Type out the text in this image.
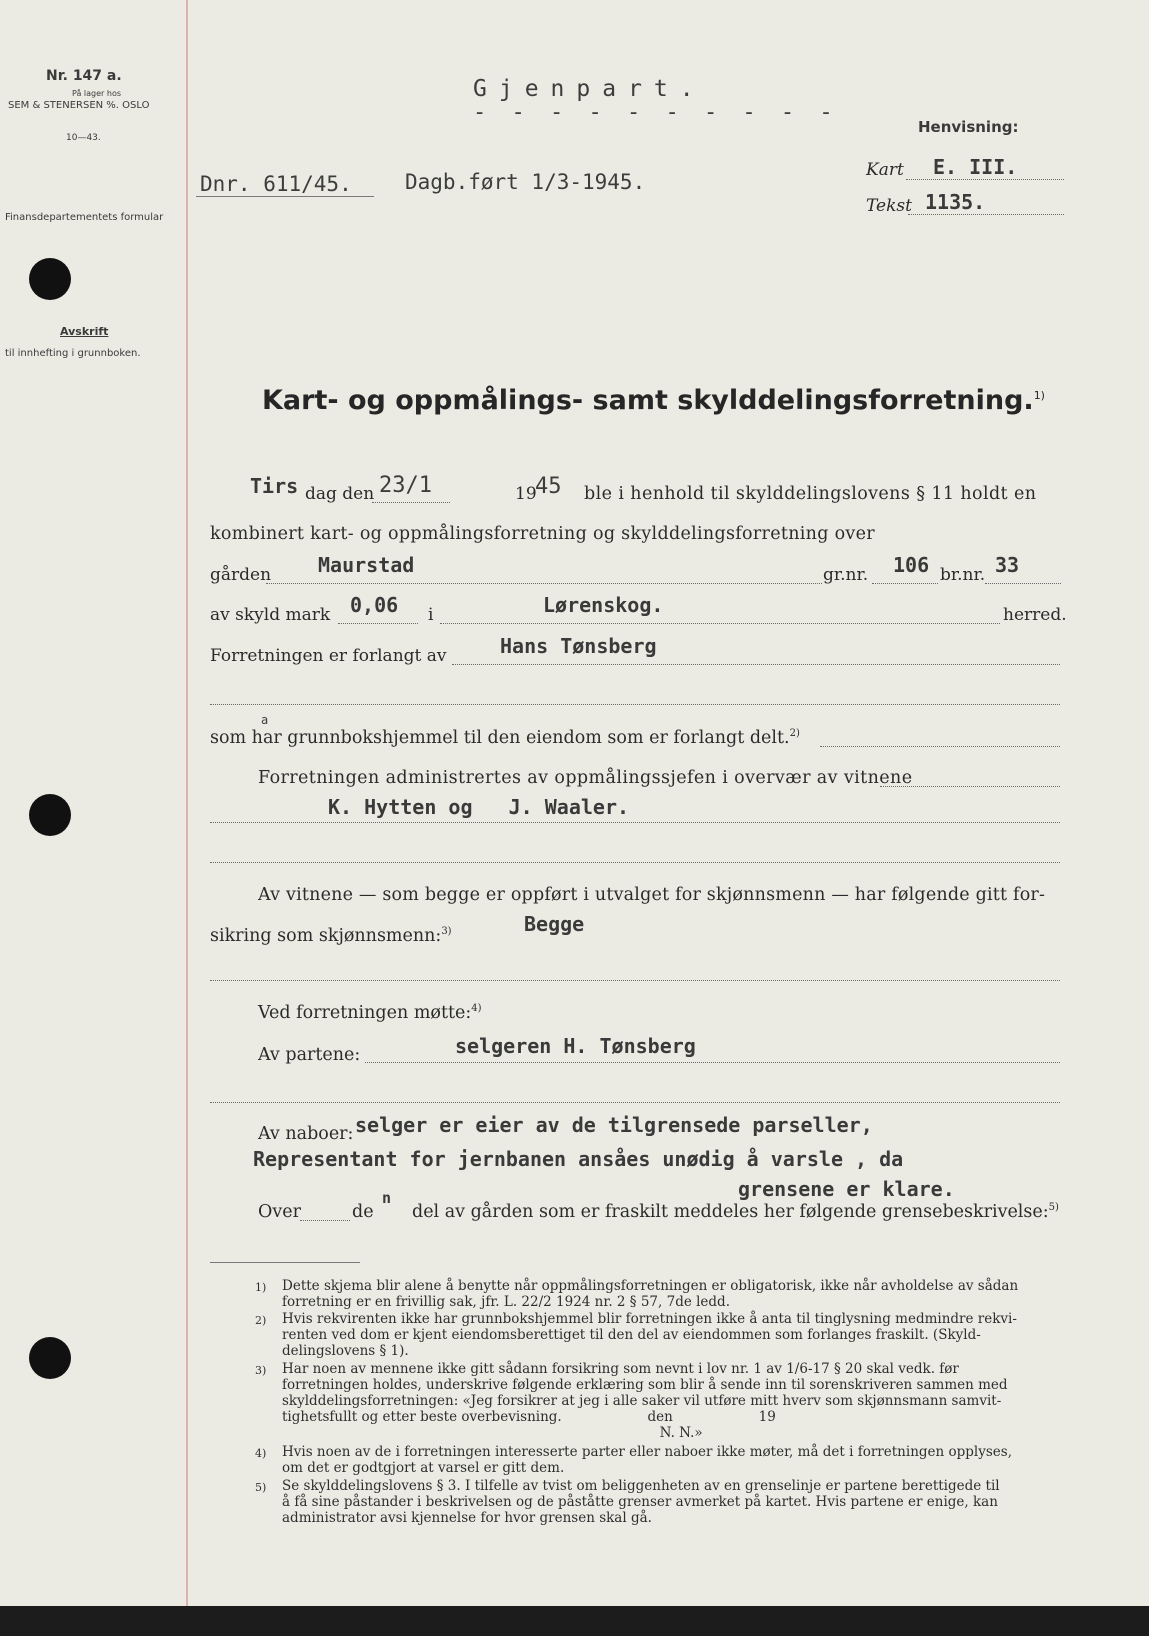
Nr. 147 a.
På lager hos
SEM & STENERSEN %. OSLO
10—43.
Finansdepartementets formular
Avskrift
til innhefting i grunnboken.
Gjenpart.
- - - - - - - - - -
Henvisning:
Kart E. III.
Tekst 1135.
Dnr. 611/45.	Dagb.ført 1/3-1945.
Kart- og oppmålings- samt skylddelingsforretning.$^{1)}$
Tirs dag den 23/1	19
45 ble i henhold til skylddelingslovens § 11 holdt en
kombinert kart- og oppmålingsforretning og skylddelingsforretning over
gården Maurstad	gr.nr. 106 br.nr. 33
av skyld mark 0,06 i	Lørenskog.	herred.
Forretningen er forlangt av	Hans Tønsberg
a
som har grunnbokshjemmel til den eiendom som er forlangt delt.$^{2)}$
Forretningen administrertes av oppmålingssjefen i overvær av vitnene
K. Hytten og   J. Waaler.
Av vitnene — som begge er oppført i utvalget for skjønnsmenn — har følgende gitt for-
sikring som skjønnsmenn:$^{3)}$	Begge
Ved forretningen møtte:$^{4)}$
Av partene:	selgeren H. Tønsberg
Av naboer: selger er eier av de tilgrensede parseller,
Representant for jernbanen ansåes unødig å varsle , da
grensene er klare.
Over	de
n
del av gården som er fraskilt meddeles her følgende grensebeskrivelse:$^{5)}$
1) Dette skjema blir alene å benytte når oppmålingsforretningen er obligatorisk, ikke når avholdelse av sådan
forretning er en frivillig sak, jfr. L. 22/2 1924 nr. 2 § 57, 7de ledd.
2) Hvis rekvirenten ikke har grunnbokshjemmel blir forretningen ikke å anta til tinglysning medmindre rekvi-
renten ved dom er kjent eiendomsberettiget til den del av eiendommen som forlanges fraskilt. (Skyld-
delingslovens § 1).
3) Har noen av mennene ikke gitt sådann forsikring som nevnt i lov nr. 1 av 1/6-17 § 20 skal vedk. før
forretningen holdes, underskrive følgende erklæring som blir å sende inn til sorenskriveren sammen med
skylddelingsforretningen: «Jeg forsikrer at jeg i alle saker vil utføre mitt hverv som skjønnsmann samvit-
tighetsfullt og etter beste overbevisning.                    den                    19
N. N.»
4) Hvis noen av de i forretningen interesserte parter eller naboer ikke møter, må det i forretningen opplyses,
om det er godtgjort at varsel er gitt dem.
5) Se skylddelingslovens § 3. I tilfelle av tvist om beliggenheten av en grenselinje er partene berettigede til
å få sine påstander i beskrivelsen og de påståtte grenser avmerket på kartet. Hvis partene er enige, kan
administrator avsi kjennelse for hvor grensen skal gå.
